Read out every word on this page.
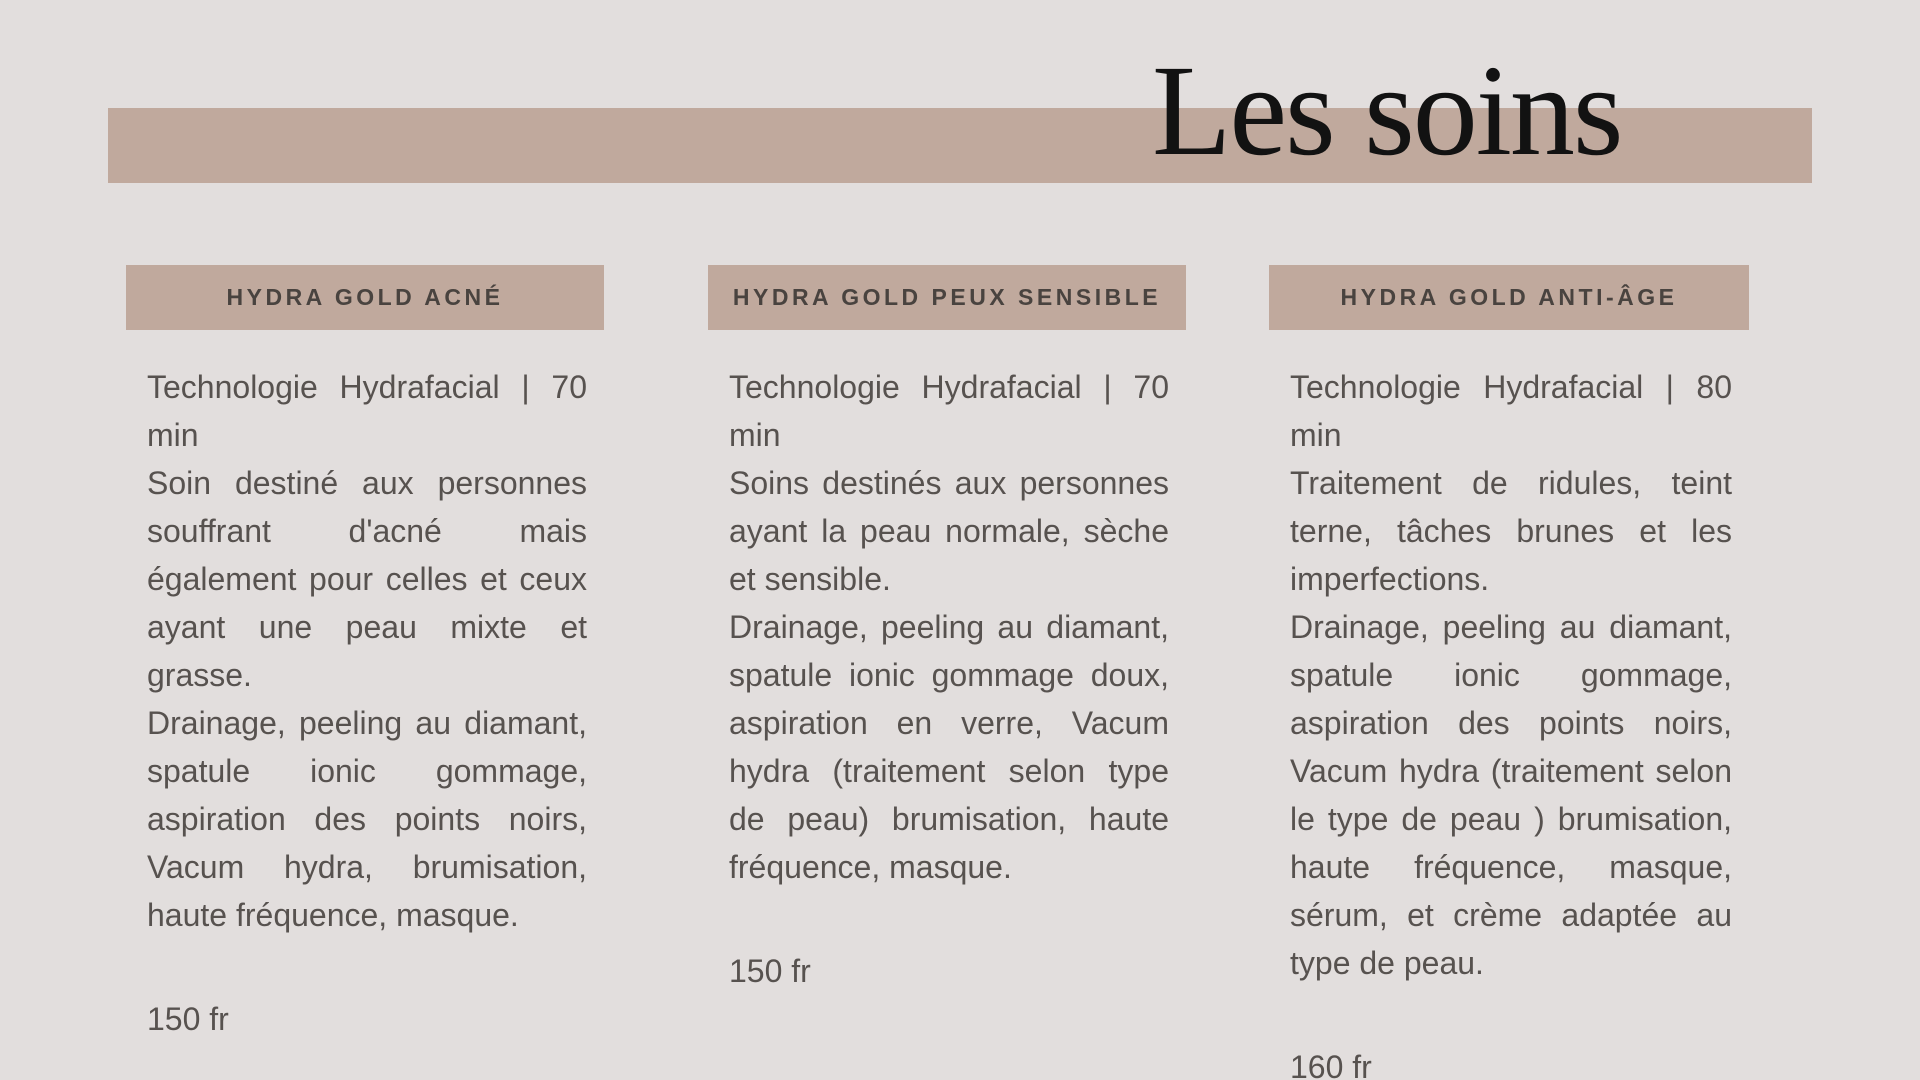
Les soins
HYDRA GOLD ACNÉ

Technologie Hydrafacial | 70 min

Soin destiné aux personnes souffrant d'acné mais également pour celles et ceux ayant une peau mixte et grasse.

Drainage, peeling au diamant, spatule ionic gommage, aspiration des points noirs, Vacum hydra, brumisation, haute fréquence, masque.

150 fr

HYDRA GOLD PEUX SENSIBLE

Technologie Hydrafacial | 70 min

Soins destinés aux personnes ayant la peau normale, sèche et sensible.

Drainage, peeling au diamant, spatule ionic gommage doux, aspiration en verre, Vacum hydra (traitement selon type de peau) brumisation, haute fréquence, masque.

150 fr

HYDRA GOLD ANTI-ÂGE

Technologie Hydrafacial | 80 min

Traitement de ridules, teint terne, tâches brunes et les imperfections.

Drainage, peeling au diamant, spatule ionic gommage, aspiration des points noirs, Vacum hydra (traitement selon le type de peau ) brumisation, haute fréquence, masque, sérum, et crème adaptée au type de peau.

160 fr
